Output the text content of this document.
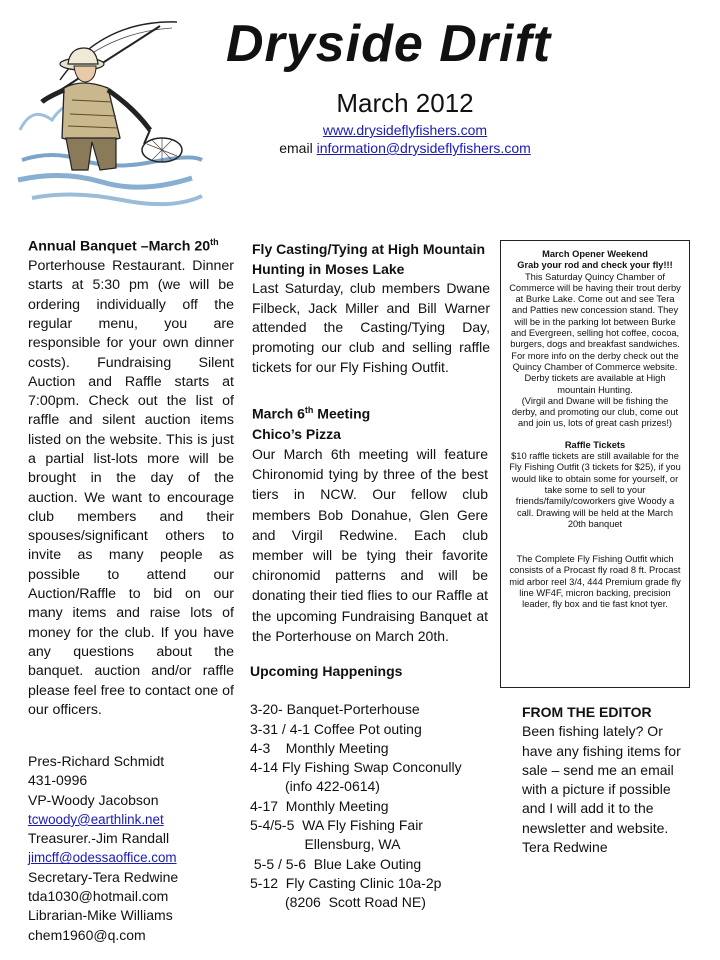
Dryside Drift
March 2012
www.drysideflyfishers.com
email information@drysideflyfishers.com
Annual Banquet –March 20th
Porterhouse Restaurant. Dinner starts at 5:30 pm (we will be ordering individually off the regular menu, you are responsible for your own dinner costs). Fundraising Silent Auction and Raffle starts at 7:00pm. Check out the list of raffle and silent auction items listed on the website. This is just a partial list-lots more will be brought in the day of the auction. We want to encourage club members and their spouses/significant others to invite as many people as possible to attend our Auction/Raffle to bid on our many items and raise lots of money for the club. If you have any questions about the banquet. auction and/or raffle please feel free to contact one of our officers.
Pres-Richard Schmidt
431-0996
VP-Woody Jacobson
tcwoody@earthlink.net
Treasurer.-Jim Randall
jimcff@odessaoffice.com
Secretary-Tera Redwine
tda1030@hotmail.com
Librarian-Mike Williams
chem1960@q.com
Fly Casting/Tying at High Mountain Hunting in Moses Lake
Last Saturday, club members Dwane Filbeck, Jack Miller and Bill Warner attended the Casting/Tying Day, promoting our club and selling raffle tickets for our Fly Fishing Outfit.
March 6th Meeting
Chico’s Pizza
Our March 6th meeting will feature Chironomid tying by three of the best tiers in NCW. Our fellow club members Bob Donahue, Glen Gere and Virgil Redwine. Each club member will be tying their favorite chironomid patterns and will be donating their tied flies to our Raffle at the upcoming Fundraising Banquet at the Porterhouse on March 20th.
Upcoming Happenings
3-20- Banquet-Porterhouse
3-31 / 4-1 Coffee Pot outing
4-3    Monthly Meeting
4-14 Fly Fishing Swap Conconully
(info 422-0614)
4-17  Monthly Meeting
5-4/5-5  WA Fly Fishing Fair
Ellensburg, WA
5-5 / 5-6  Blue Lake Outing
5-12  Fly Casting Clinic 10a-2p
(8206  Scott Road NE)
March Opener Weekend
Grab your rod and check your fly!!!
This Saturday Quincy Chamber of Commerce will be having their trout derby at Burke Lake. Come out and see Tera and Patties new concession stand. They will be in the parking lot between Burke and Evergreen, selling hot coffee, cocoa, burgers, dogs and breakfast sandwiches. For more info on the derby check out the Quincy Chamber of Commerce website. Derby tickets are available at High mountain Hunting.
(Virgil and Dwane will be fishing the derby, and promoting our club, come out and join us, lots of great cash prizes!)
Raffle Tickets
$10 raffle tickets are still available for the Fly Fishing Outfit (3 tickets for $25), if you would like to obtain some for yourself, or take some to sell to your friends/family/coworkers give Woody a call. Drawing will be held at the March 20th banquet
The Complete Fly Fishing Outfit which consists of a Procast fly road 8 ft. Procast mid arbor reel 3/4, 444 Premium grade fly line WF4F, micron backing, precision leader, fly box and tie fast knot tyer.
FROM THE EDITOR
Been fishing lately? Or have any fishing items for sale – send me an email with a picture if possible and I will add it to the newsletter and website.
Tera Redwine
